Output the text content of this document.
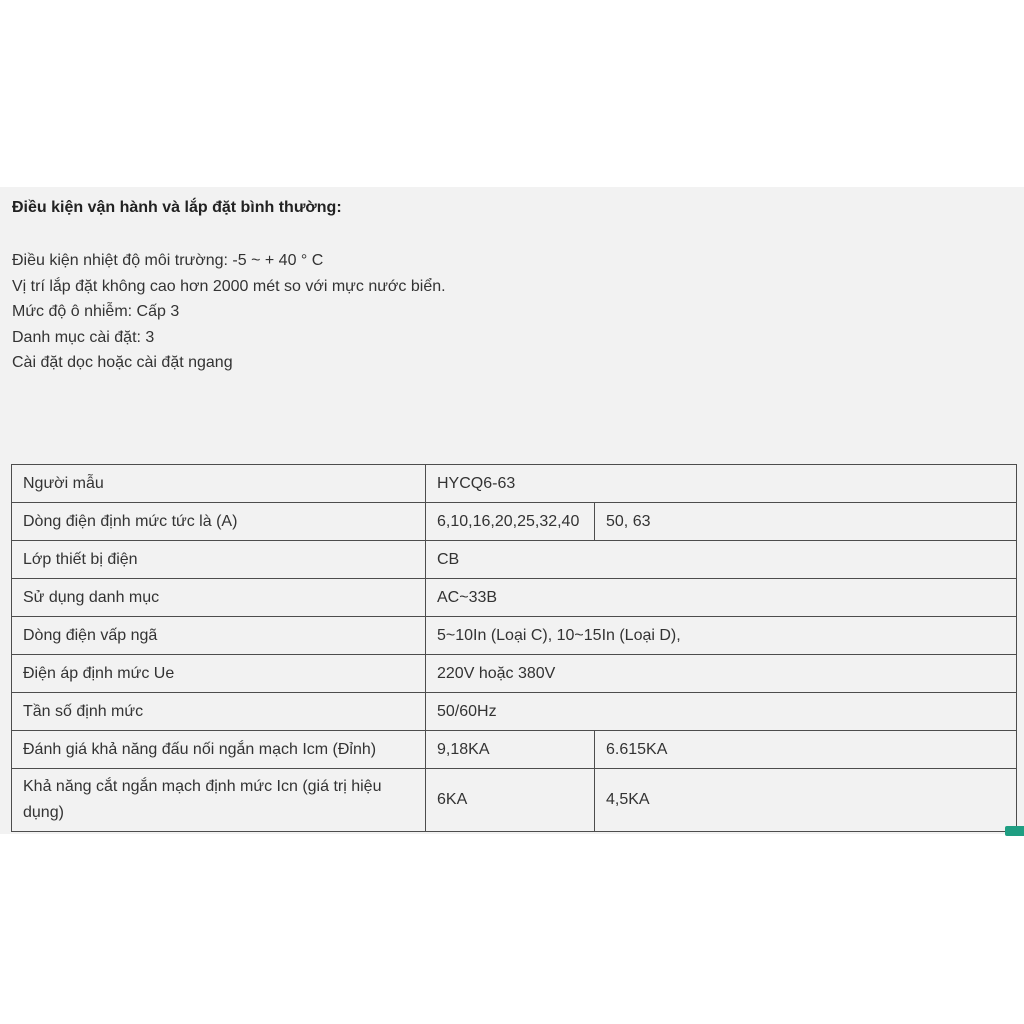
Điều kiện vận hành và lắp đặt bình thường:
Điều kiện nhiệt độ môi trường: -5 ~ + 40 ° C
Vị trí lắp đặt không cao hơn 2000 mét so với mực nước biển.
Mức độ ô nhiễm: Cấp 3
Danh mục cài đặt: 3
Cài đặt dọc hoặc cài đặt ngang
Người mẫu	HYCQ6-63	
Dòng điện định mức tức là (A)	6,10,16,20,25,32,40	50, 63
Lớp thiết bị điện	CB	
Sử dụng danh mục	AC~33B	
Dòng điện vấp ngã	5~10In (Loại C), 10~15In (Loại D),	
Điện áp định mức Ue	220V hoặc 380V	
Tần số định mức	50/60Hz	
Đánh giá khả năng đấu nối ngắn mạch Icm (Đỉnh)	9,18KA	6.615KA
Khả năng cắt ngắn mạch định mức Icn (giá trị hiệu dụng)	6KA	4,5KA
